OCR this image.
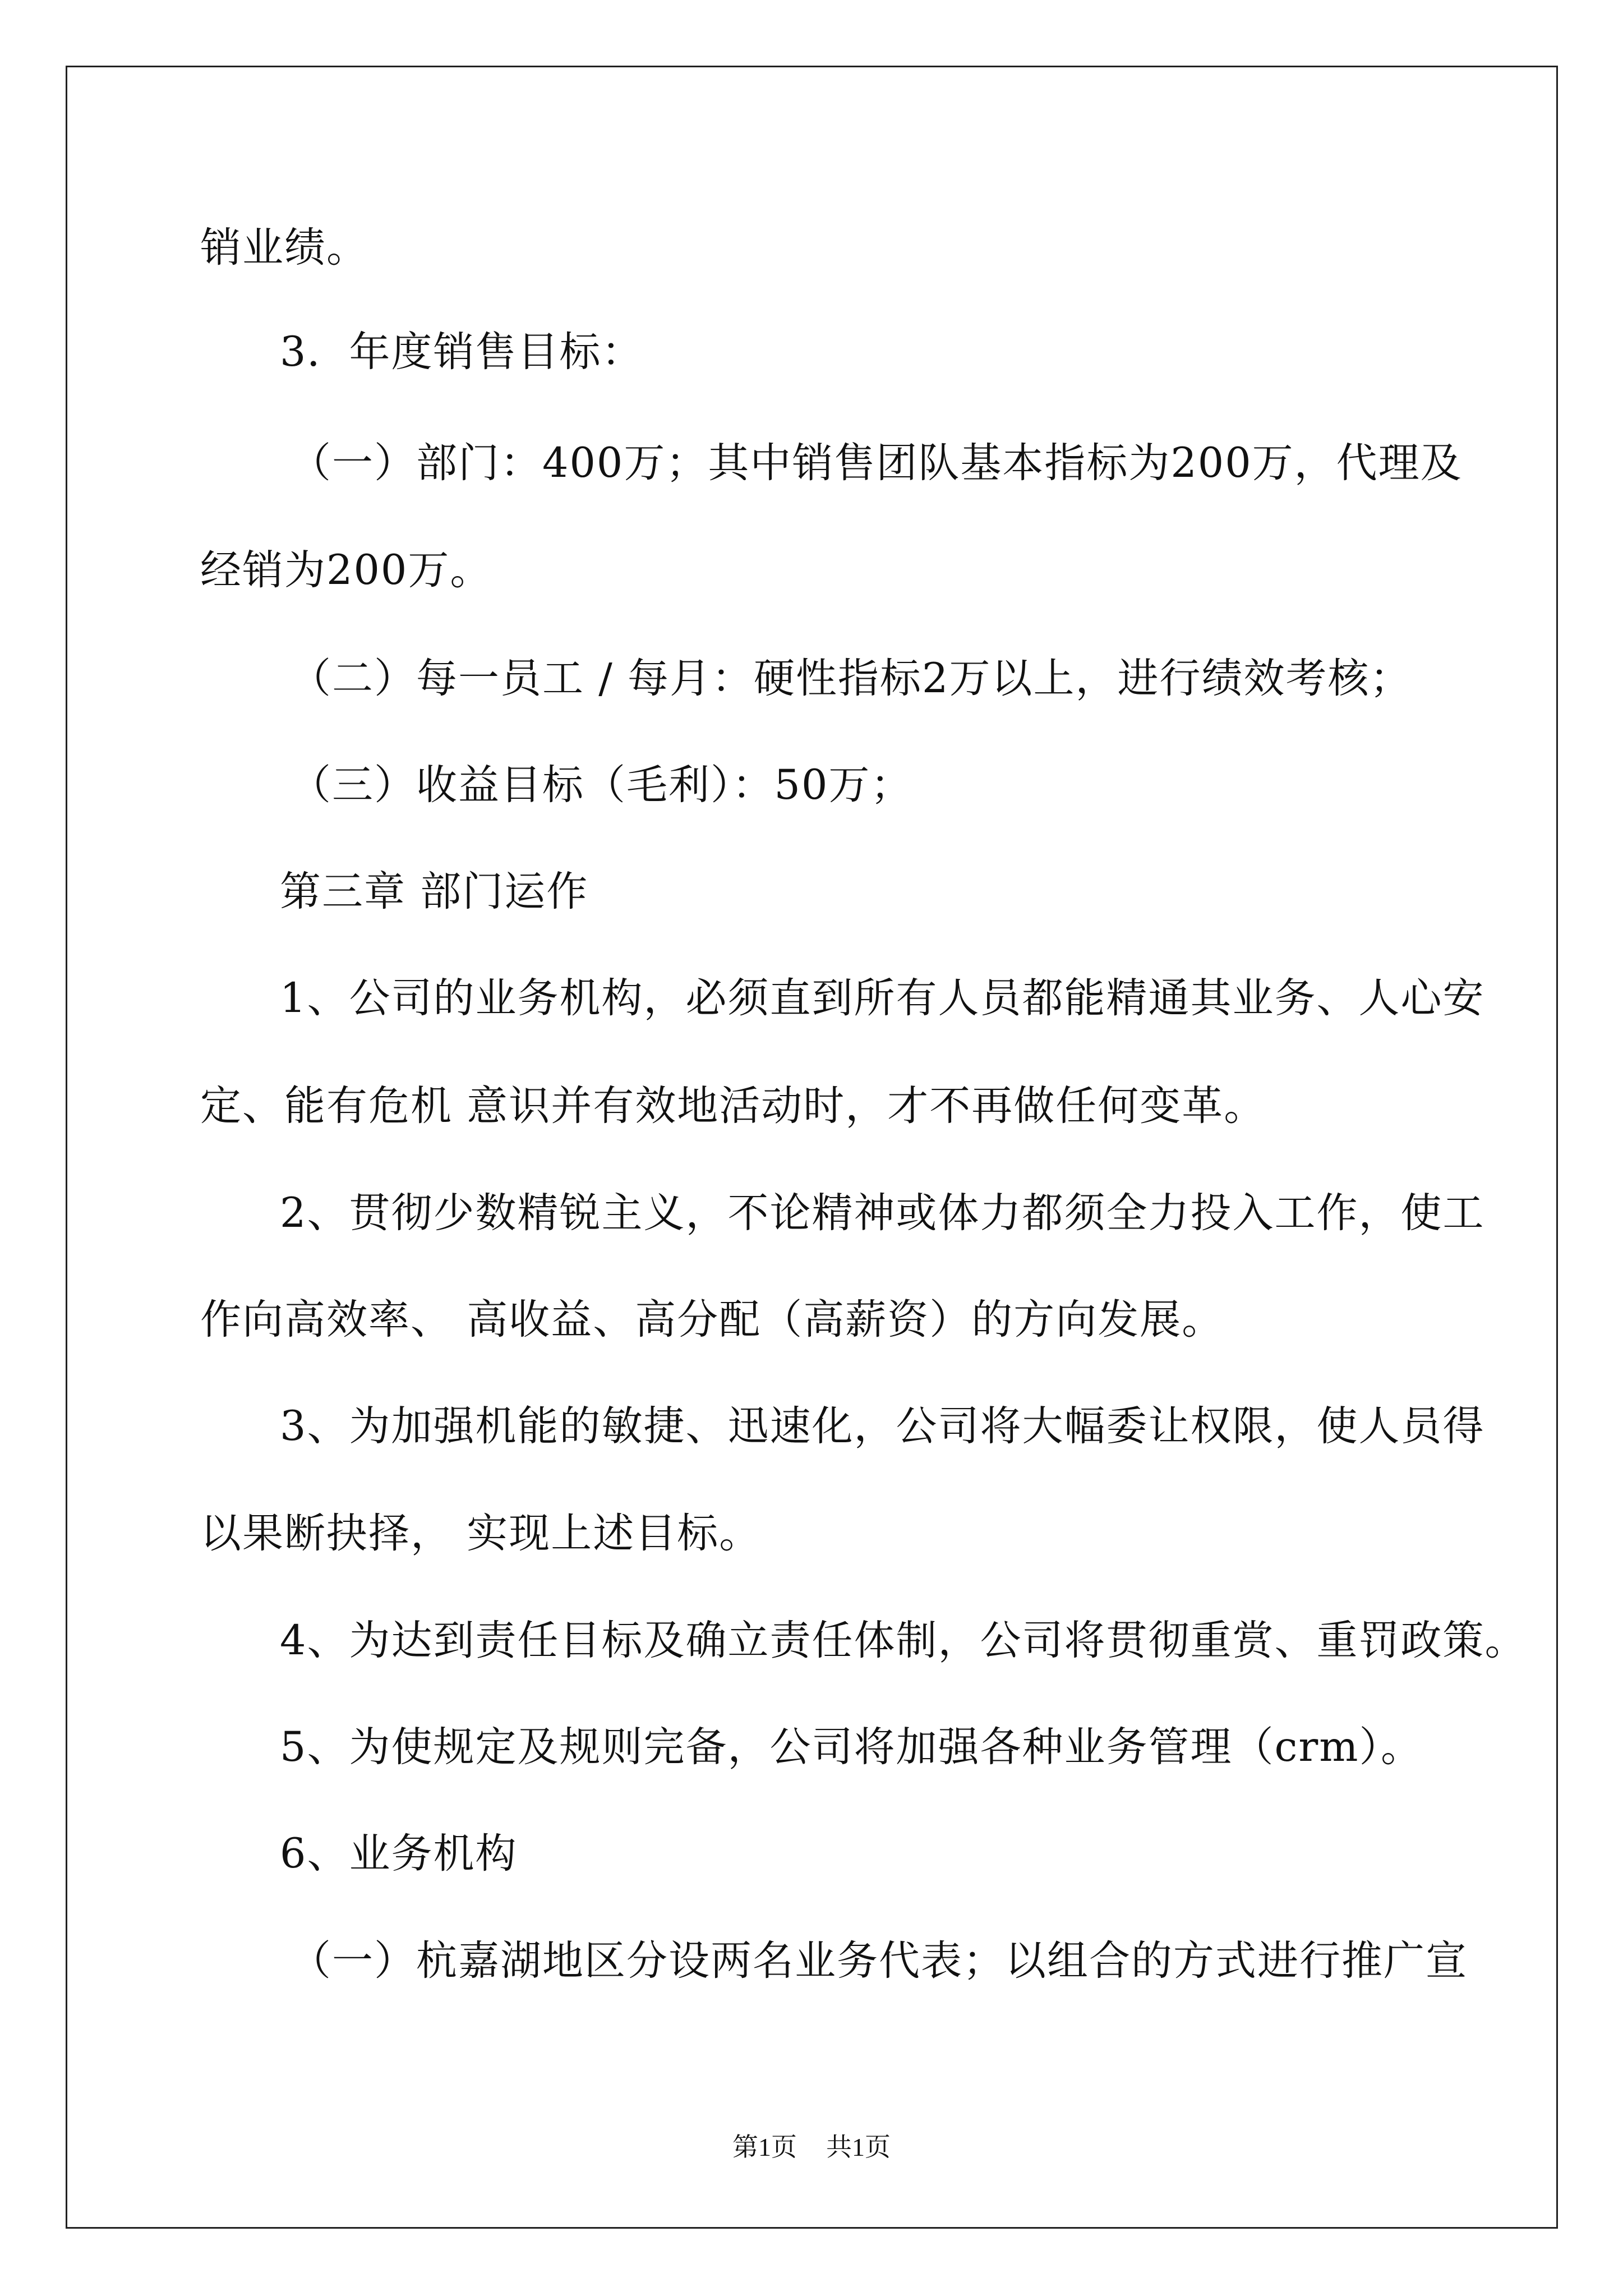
销业绩。
3．年度销售目标：
（一）部门：400万；其中销售团队基本指标为200万，代理及
经销为200万。
（二）每一员工 / 每月：硬性指标2万以上，进行绩效考核；
（三）收益目标（毛利）：50万；
第三章 部门运作
1、公司的业务机构，必须直到所有人员都能精通其业务、人心安
定、能有危机 意识并有效地活动时，才不再做任何变革。
2、贯彻少数精锐主义，不论精神或体力都须全力投入工作，使工
作向高效率、 高收益、高分配（高薪资）的方向发展。
3、为加强机能的敏捷、迅速化，公司将大幅委让权限，使人员得
以果断抉择， 实现上述目标。
4、为达到责任目标及确立责任体制，公司将贯彻重赏、重罚政策。
5、为使规定及规则完备，公司将加强各种业务管理（crm）。
6、业务机构
（一）杭嘉湖地区分设两名业务代表；以组合的方式进行推广宣
第1页 共1页
